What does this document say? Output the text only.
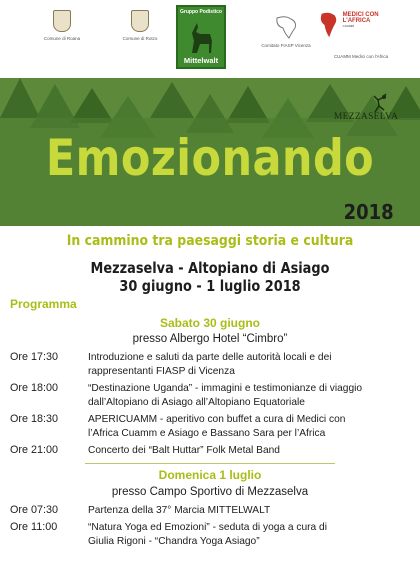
Comune di Roana	Comune di Rotzo
Gruppo Podistico
Mittelwalt
Comitato FIASP Vicenza
MEDICI CON L'AFRICA
CUAMM
CUAMM Medici con l'Africa
MEZZASELVA
Emozionando
2018
In cammino tra paesaggi storia e cultura
Mezzaselva - Altopiano di Asiago
30 giugno - 1 luglio 2018
Programma
Sabato 30 giugno
presso Albergo Hotel “Cimbro”
Ore 17:30	Introduzione e saluti da parte delle autorità locali e dei
rappresentanti FIASP di Vicenza
Ore 18:00	“Destinazione Uganda” - immagini e testimonianze di viaggio
dall’Altopiano di Asiago all’Altopiano Equatoriale
Ore 18:30	APERICUAMM - aperitivo con buffet a cura di Medici con
l’Africa Cuamm e Asiago e Bassano Sara per l’Africa
Ore 21:00	Concerto dei “Balt Huttar” Folk Metal Band
Domenica 1 luglio
presso Campo Sportivo di Mezzaselva
Ore 07:30	Partenza della 37° Marcia MITTELWALT
Ore 11:00	“Natura Yoga ed Emozioni” - seduta di yoga a cura di
Giulia Rigoni - “Chandra Yoga Asiago”
